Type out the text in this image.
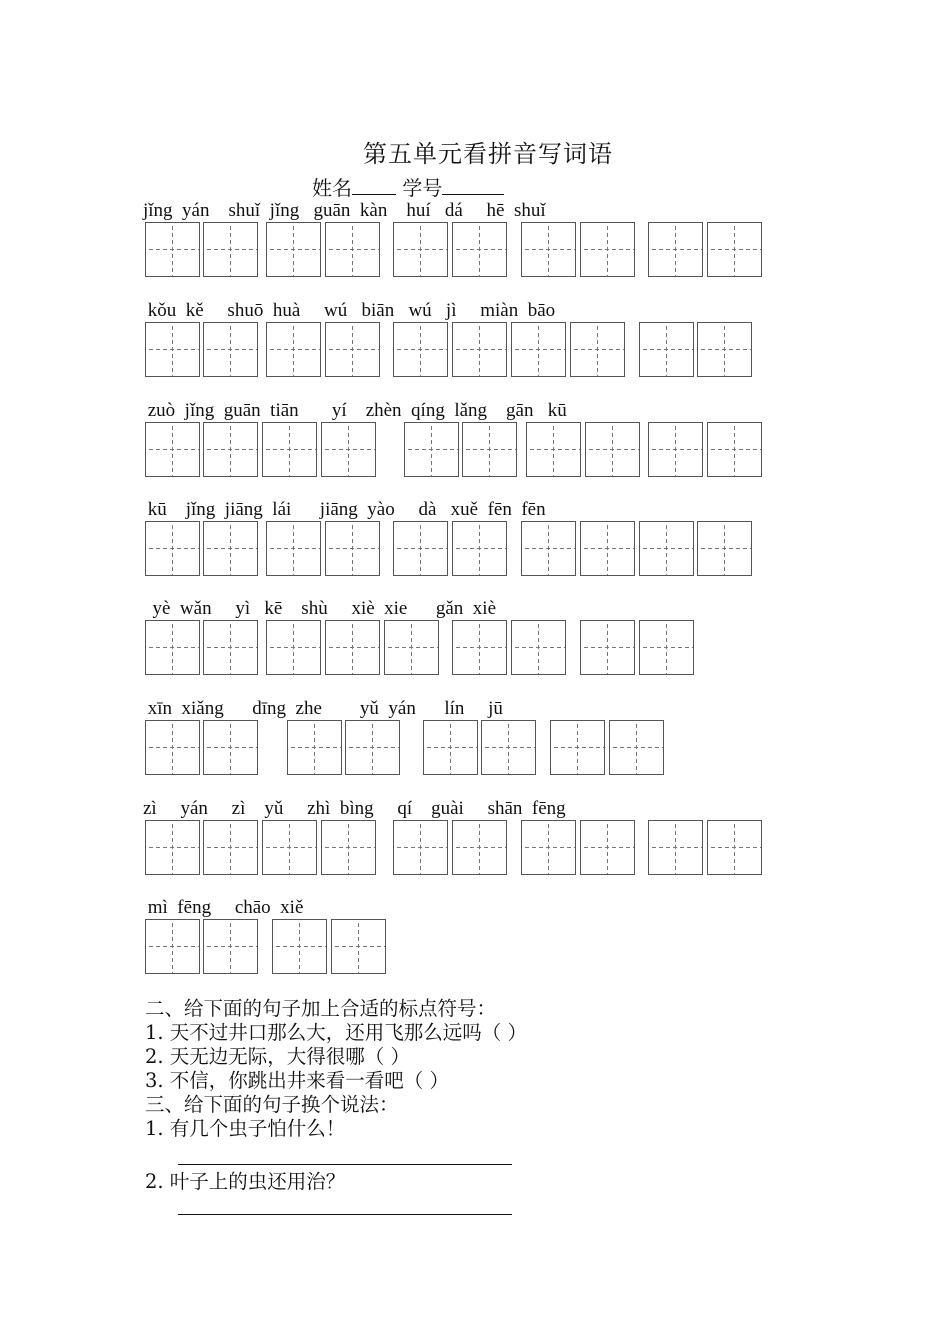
第五单元看拼音写词语
姓名	学号
jǐng  yán    shuǐ  jǐng   guān  kàn    huí   dá     hē  shuǐ
kǒu  kě     shuō  huà     wú   biān   wú   jì     miàn  bāo
zuò  jǐng  guān  tiān       yí    zhèn  qíng  lǎng    gān   kū
kū    jǐng  jiāng  lái      jiāng  yào     dà   xuě  fēn  fēn
yè  wǎn     yì   kē    shù     xiè  xie      gǎn  xiè
xīn  xiǎng      dīng  zhe        yǔ  yán      lín     jū
zì     yán     zì    yǔ     zhì  bìng     qí    guài     shān  fēng
mì  fēng     chāo  xiě
二、给下面的句子加上合适的标点符号：
1. 天不过井口那么大，还用飞那么远吗（ ）
2. 天无边无际，大得很哪（ ）
3. 不信，你跳出井来看一看吧（ ）
三、给下面的句子换个说法：
1. 有几个虫子怕什么！
2. 叶子上的虫还用治？
